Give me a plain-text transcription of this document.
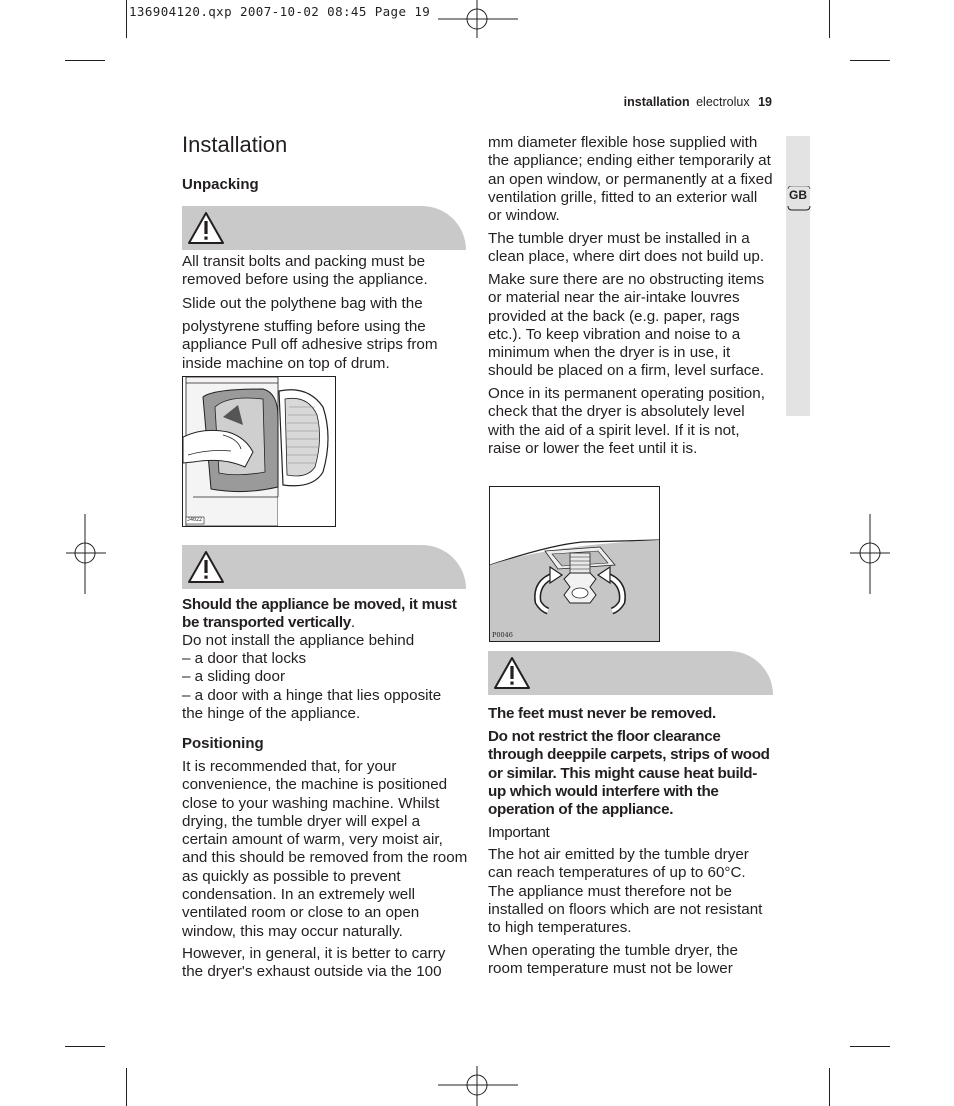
136904120.qxp 2007-10-02 08:45 Page 19
installation electrolux 19
GB
Installation
Unpacking

All transit bolts and packing must be removed before using the appliance.

Slide out the polythene bag with the

polystyrene stuffing before using the appliance Pull off adhesive strips from inside machine on top of drum.

J4022

Should the appliance be moved, it must be transported vertically.

Do not install the appliance behind

– a door that locks

– a sliding door

– a door with a hinge that lies opposite the hinge of the appliance.

Positioning

It is recommended that, for your convenience, the machine is positioned close to your washing machine. Whilst drying, the tumble dryer will expel a certain amount of warm, very moist air, and this should be removed from the room as quickly as possible to prevent condensation. In an extremely well ventilated room or close to an open window, this may occur naturally.

However, in general, it is better to carry the dryer's exhaust outside via the 100

mm diameter flexible hose supplied with the appliance; ending either temporarily at an open window, or permanently at a fixed ventilation grille, fitted to an exterior wall or window.

The tumble dryer must be installed in a clean place, where dirt does not build up.

Make sure there are no obstructing items or material near the air-intake louvres provided at the back (e.g. paper, rags etc.). To keep vibration and noise to a minimum when the dryer is in use, it should be placed on a firm, level surface.

Once in its permanent operating position, check that the dryer is absolutely level with the aid of a spirit level. If it is not, raise or lower the feet until it is.

P0046

The feet must never be removed.

Do not restrict the floor clearance through deeppile carpets, strips of wood or similar. This might cause heat build-up which would interfere with the operation of the appliance.

Important

The hot air emitted by the tumble dryer can reach temperatures of up to 60°C. The appliance must therefore not be installed on floors which are not resistant to high temperatures.

When operating the tumble dryer, the room temperature must not be lower
